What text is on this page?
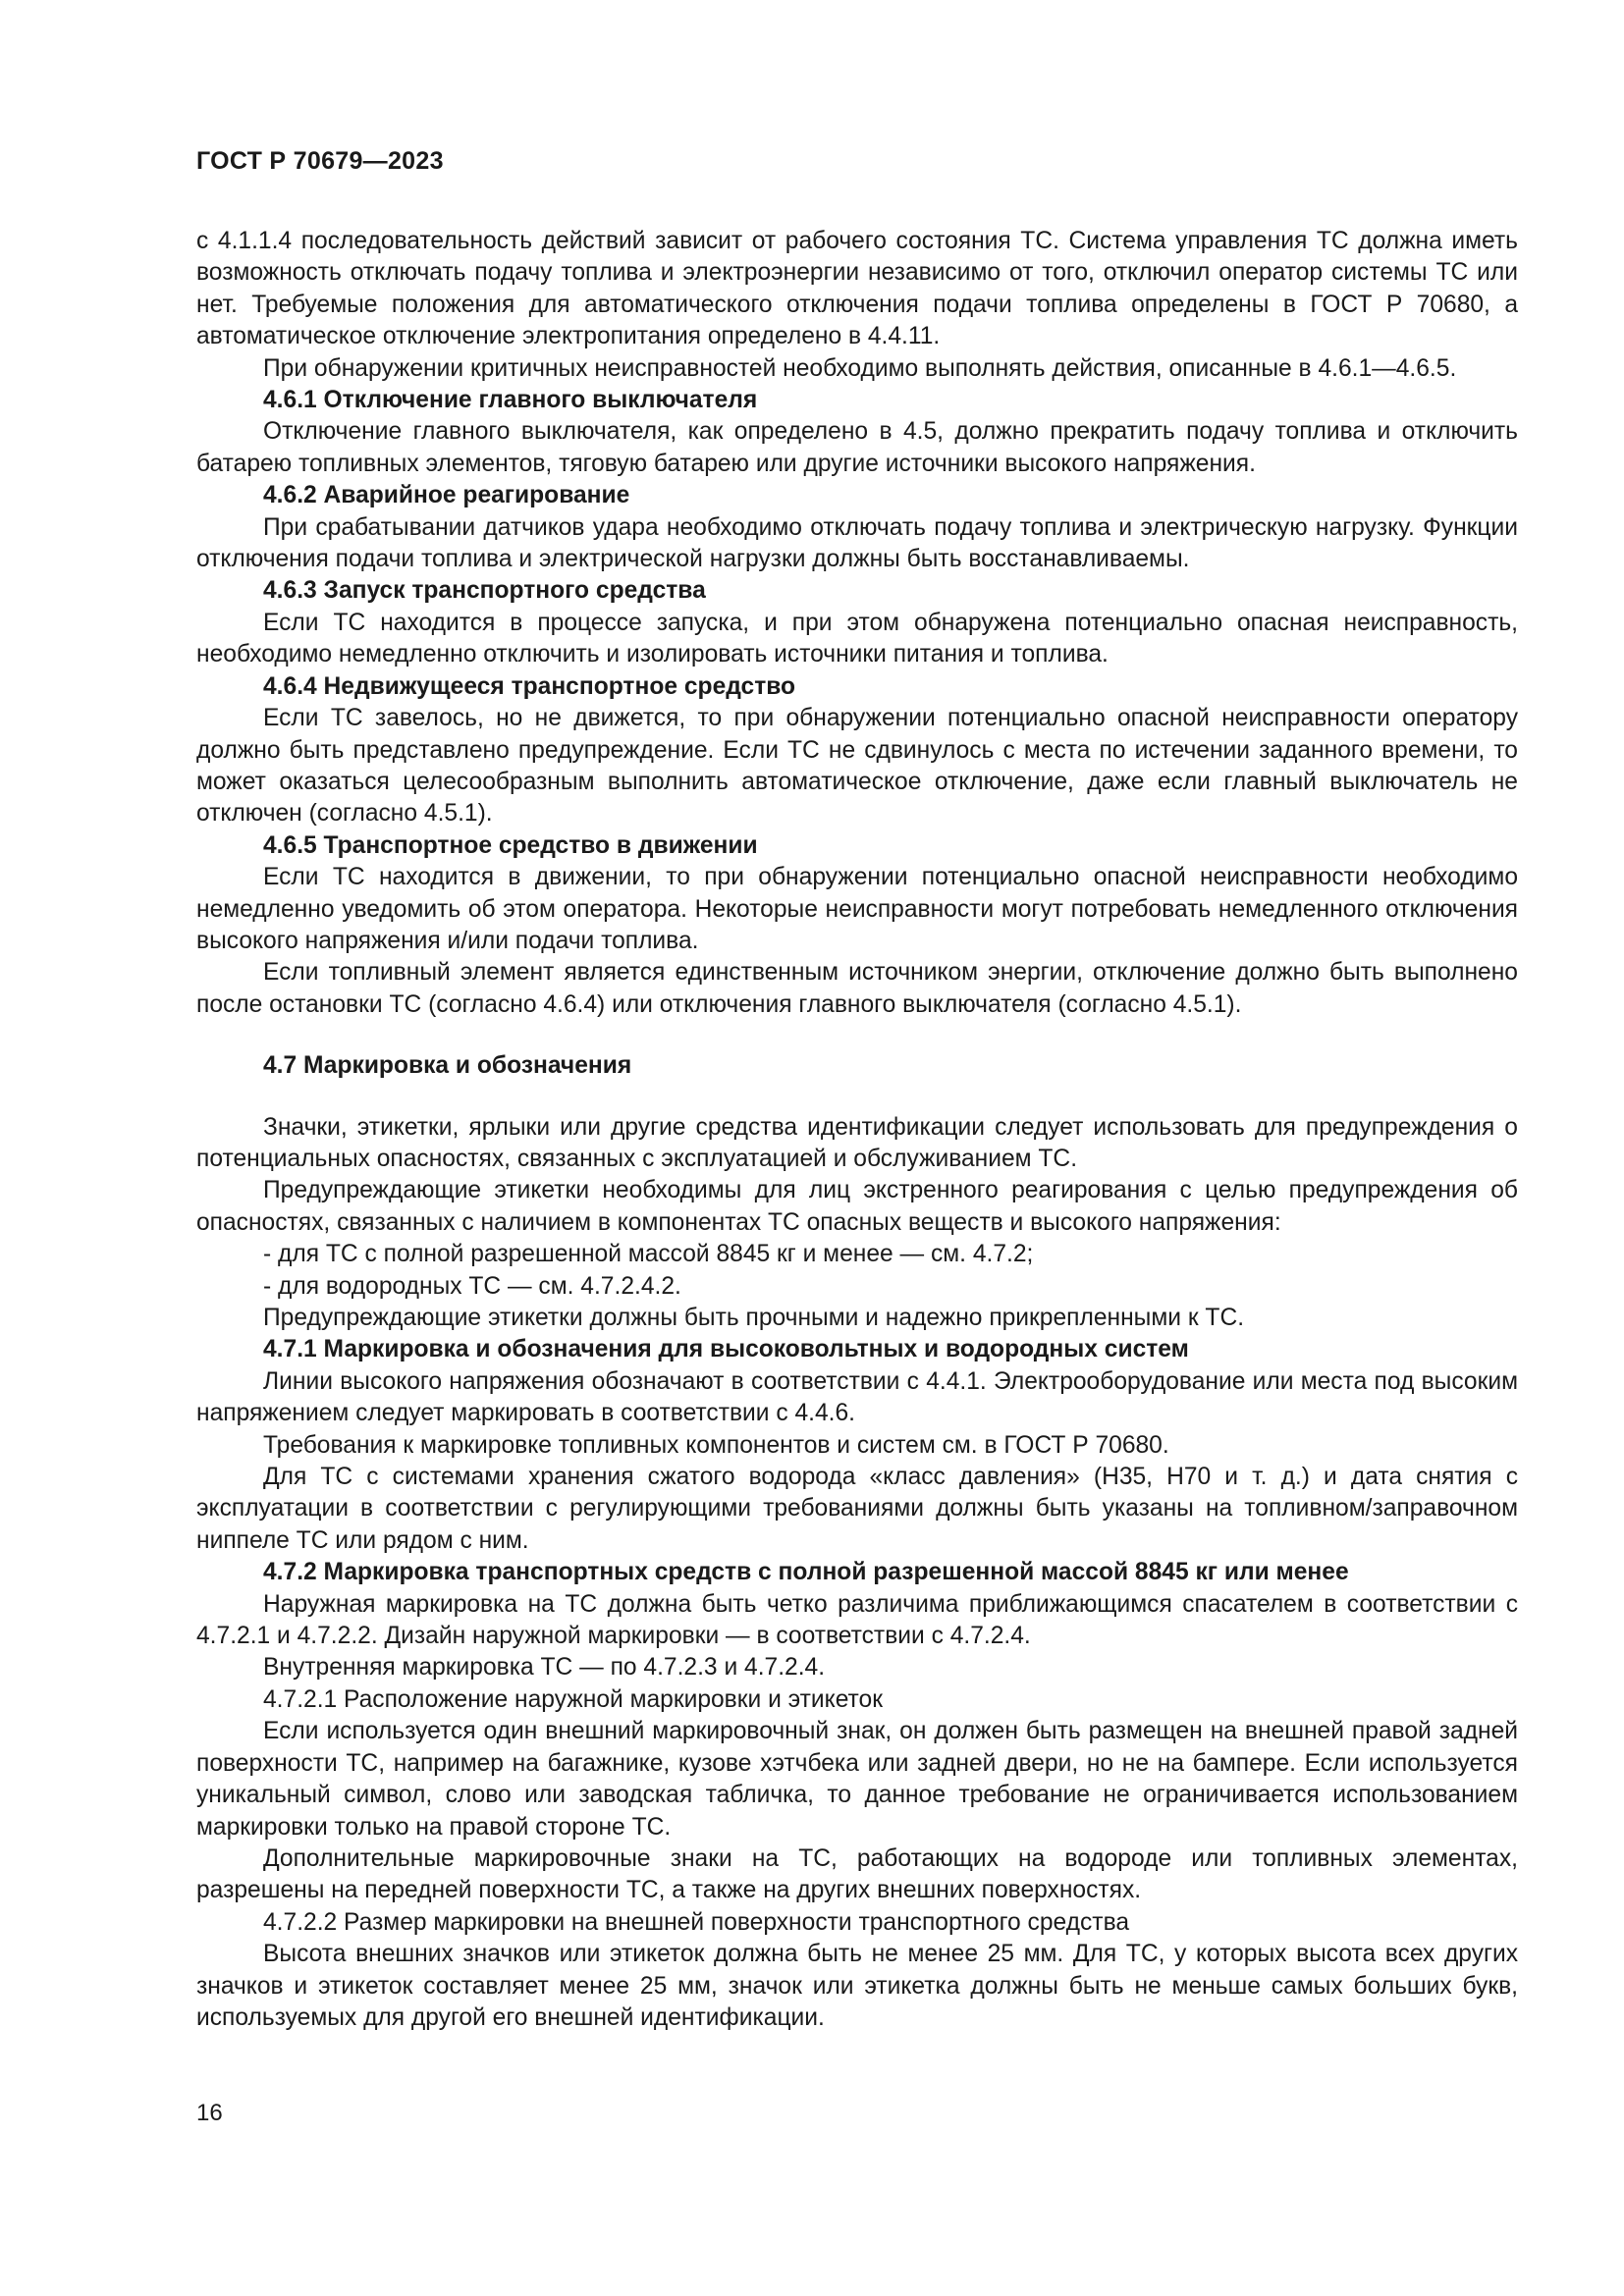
ГОСТ Р 70679—2023

с 4.1.1.4 последовательность действий зависит от рабочего состояния ТС. Система управления ТС должна иметь возможность отключать подачу топлива и электроэнергии независимо от того, отключил оператор системы ТС или нет. Требуемые положения для автоматического отключения подачи топлива определены в ГОСТ Р 70680, а автоматическое отключение электропитания определено в 4.4.11.

При обнаружении критичных неисправностей необходимо выполнять действия, описанные в 4.6.1—4.6.5.

4.6.1 Отключение главного выключателя

Отключение главного выключателя, как определено в 4.5, должно прекратить подачу топлива и отключить батарею топливных элементов, тяговую батарею или другие источники высокого напряжения.

4.6.2 Аварийное реагирование

При срабатывании датчиков удара необходимо отключать подачу топлива и электрическую нагрузку. Функции отключения подачи топлива и электрической нагрузки должны быть восстанавливаемы.

4.6.3 Запуск транспортного средства

Если ТС находится в процессе запуска, и при этом обнаружена потенциально опасная неисправность, необходимо немедленно отключить и изолировать источники питания и топлива.

4.6.4 Недвижущееся транспортное средство

Если ТС завелось, но не движется, то при обнаружении потенциально опасной неисправности оператору должно быть представлено предупреждение. Если ТС не сдвинулось с места по истечении заданного времени, то может оказаться целесообразным выполнить автоматическое отключение, даже если главный выключатель не отключен (согласно 4.5.1).

4.6.5 Транспортное средство в движении

Если ТС находится в движении, то при обнаружении потенциально опасной неисправности необходимо немедленно уведомить об этом оператора. Некоторые неисправности могут потребовать немедленного отключения высокого напряжения и/или подачи топлива.

Если топливный элемент является единственным источником энергии, отключение должно быть выполнено после остановки ТС (согласно 4.6.4) или отключения главного выключателя (согласно 4.5.1).

4.7 Маркировка и обозначения

Значки, этикетки, ярлыки или другие средства идентификации следует использовать для предупреждения о потенциальных опасностях, связанных с эксплуатацией и обслуживанием ТС.

Предупреждающие этикетки необходимы для лиц экстренного реагирования с целью предупреждения об опасностях, связанных с наличием в компонентах ТС опасных веществ и высокого напряжения:

- для ТС с полной разрешенной массой 8845 кг и менее — см. 4.7.2;

- для водородных ТС — см. 4.7.2.4.2.

Предупреждающие этикетки должны быть прочными и надежно прикрепленными к ТС.

4.7.1 Маркировка и обозначения для высоковольтных и водородных систем

Линии высокого напряжения обозначают в соответствии с 4.4.1. Электрооборудование или места под высоким напряжением следует маркировать в соответствии с 4.4.6.

Требования к маркировке топливных компонентов и систем см. в ГОСТ Р 70680.

Для ТС с системами хранения сжатого водорода «класс давления» (Н35, Н70 и т. д.) и дата снятия с эксплуатации в соответствии с регулирующими требованиями должны быть указаны на топливном/заправочном ниппеле ТС или рядом с ним.

4.7.2 Маркировка транспортных средств с полной разрешенной массой 8845 кг или менее

Наружная маркировка на ТС должна быть четко различима приближающимся спасателем в соответствии с 4.7.2.1 и 4.7.2.2. Дизайн наружной маркировки — в соответствии с 4.7.2.4.

Внутренняя маркировка ТС — по 4.7.2.3 и 4.7.2.4.

4.7.2.1 Расположение наружной маркировки и этикеток

Если используется один внешний маркировочный знак, он должен быть размещен на внешней правой задней поверхности ТС, например на багажнике, кузове хэтчбека или задней двери, но не на бампере. Если используется уникальный символ, слово или заводская табличка, то данное требование не ограничивается использованием маркировки только на правой стороне ТС.

Дополнительные маркировочные знаки на ТС, работающих на водороде или топливных элементах, разрешены на передней поверхности ТС, а также на других внешних поверхностях.

4.7.2.2 Размер маркировки на внешней поверхности транспортного средства

Высота внешних значков или этикеток должна быть не менее 25 мм. Для ТС, у которых высота всех других значков и этикеток составляет менее 25 мм, значок или этикетка должны быть не меньше самых больших букв, используемых для другой его внешней идентификации.

16
